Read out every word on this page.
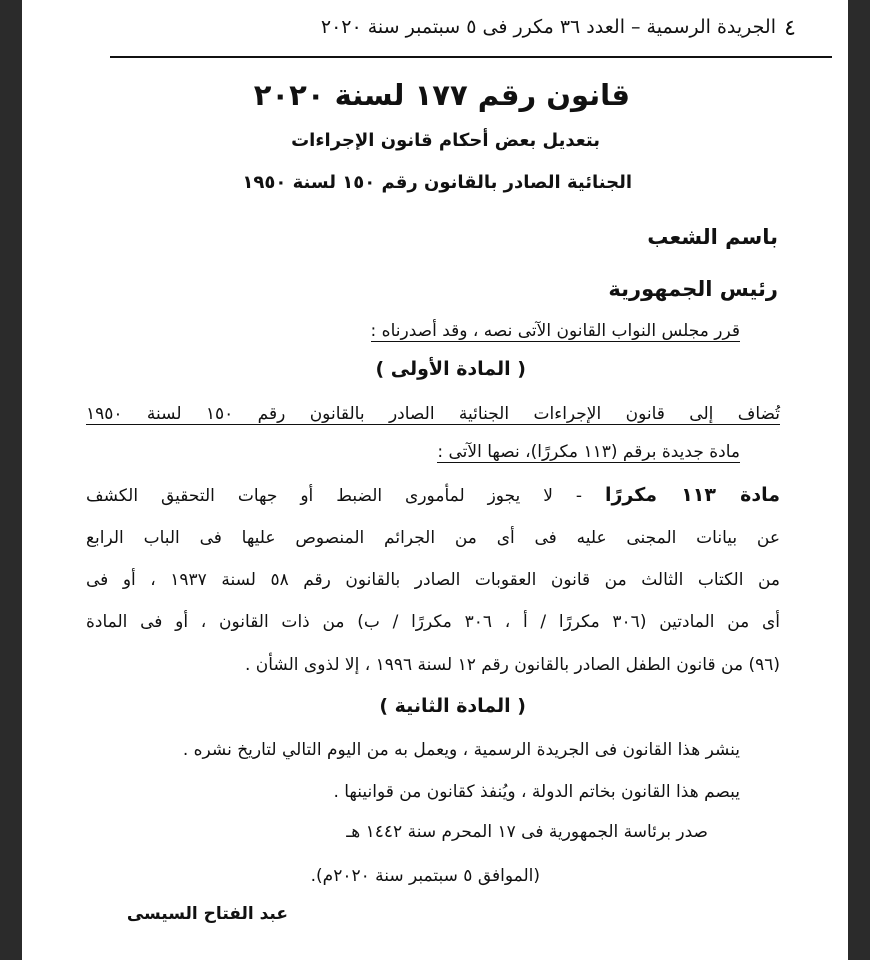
٤

الجريدة الرسمية – العدد ٣٦ مكرر فى ٥ سبتمبر سنة ٢٠٢٠

قانون رقم ١٧٧ لسنة ٢٠٢٠

بتعديل بعض أحكام قانون الإجراءات

الجنائية الصادر بالقانون رقم ١٥٠ لسنة ١٩٥٠

باسم الشعب

رئيس الجمهورية

قرر مجلس النواب القانون الآتى نصه ، وقد أصدرناه :

( المادة الأولى )

تُضاف إلى قانون الإجراءات الجنائية الصادر بالقانون رقم ١٥٠ لسنة ١٩٥٠

مادة جديدة برقم (١١٣ مكررًا)، نصها الآتى :

مادة ١١٣ مكررًا - لا يجوز لمأمورى الضبط أو جهات التحقيق الكشف

عن بيانات المجنى عليه فى أى من الجرائم المنصوص عليها فى الباب الرابع

من الكتاب الثالث من قانون العقوبات الصادر بالقانون رقم ٥٨ لسنة ١٩٣٧ ، أو فى

أى من المادتين (٣٠٦ مكررًا / أ ، ٣٠٦ مكررًا / ب) من ذات القانون ، أو فى المادة

(٩٦) من قانون الطفل الصادر بالقانون رقم ١٢ لسنة ١٩٩٦ ، إلا لذوى الشأن .

( المادة الثانية )

ينشر هذا القانون فى الجريدة الرسمية ، ويعمل به من اليوم التالي لتاريخ نشره .

يبصم هذا القانون بخاتم الدولة ، ويُنفذ كقانون من قوانينها .

صدر برئاسة الجمهورية فى ١٧ المحرم سنة ١٤٤٢ هـ

(الموافق ٥ سبتمبر سنة ٢٠٢٠م).

عبد الفتاح السيسى
